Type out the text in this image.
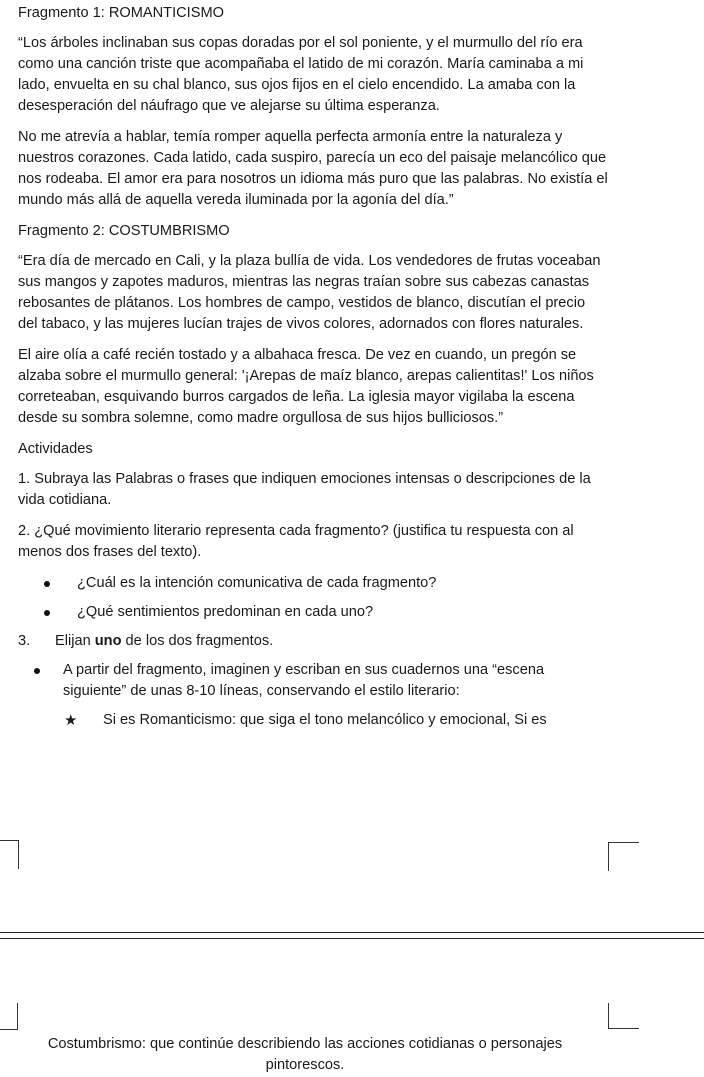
Fragmento 1: ROMANTICISMO

“Los árboles inclinaban sus copas doradas por el sol poniente, y el murmullo del río era como una canción triste que acompañaba el latido de mi corazón. María caminaba a mi lado, envuelta en su chal blanco, sus ojos fijos en el cielo encendido. La amaba con la desesperación del náufrago que ve alejarse su última esperanza.

No me atrevía a hablar, temía romper aquella perfecta armonía entre la naturaleza y nuestros corazones. Cada latido, cada suspiro, parecía un eco del paisaje melancólico que nos rodeaba. El amor era para nosotros un idioma más puro que las palabras. No existía el mundo más allá de aquella vereda iluminada por la agonía del día.”

Fragmento 2: COSTUMBRISMO

“Era día de mercado en Cali, y la plaza bullía de vida. Los vendedores de frutas voceaban sus mangos y zapotes maduros, mientras las negras traían sobre sus cabezas canastas rebosantes de plátanos. Los hombres de campo, vestidos de blanco, discutían el precio del tabaco, y las mujeres lucían trajes de vivos colores, adornados con flores naturales.

El aire olía a café recién tostado y a albahaca fresca. De vez en cuando, un pregón se alzaba sobre el murmullo general: '¡Arepas de maíz blanco, arepas calientitas!' Los niños correteaban, esquivando burros cargados de leña. La iglesia mayor vigilaba la escena desde su sombra solemne, como madre orgullosa de sus hijos bulliciosos.”

Actividades

1. Subraya las Palabras o frases que indiquen emociones intensas o descripciones de la vida cotidiana.

2. ¿Qué movimiento literario representa cada fragmento? (justifica tu respuesta con al menos dos frases del texto).

¿Cuál es la intención comunicativa de cada fragmento?
¿Qué sentimientos predominan en cada uno?
3. Elijan uno de los dos fragmentos.
A partir del fragmento, imaginen y escriban en sus cuadernos una “escena siguiente” de unas 8-10 líneas, conservando el estilo literario:
★ Si es Romanticismo: que siga el tono melancólico y emocional, Si es
Costumbrismo: que continúe describiendo las acciones cotidianas o personajes pintorescos.
